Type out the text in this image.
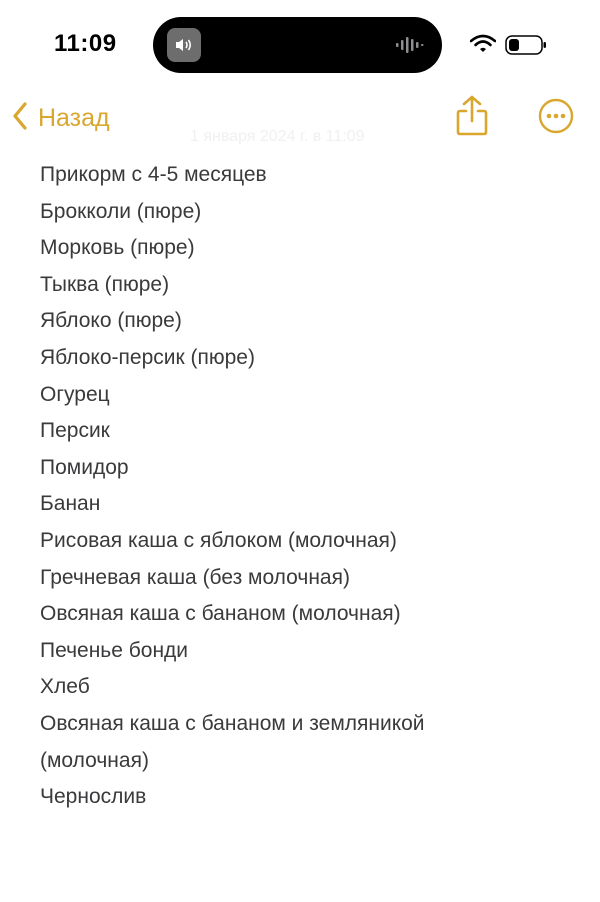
11:09
1 января 2024 г. в 11:09
Назад
Прикорм с 4-5 месяцев
Брокколи (пюре)
Морковь (пюре)
Тыква (пюре)
Яблоко (пюре)
Яблоко-персик (пюре)
Огурец
Персик
Помидор
Банан
Рисовая каша с яблоком (молочная)
Гречневая каша (без молочная)
Овсяная каша с бананом (молочная)
Печенье бонди
Хлеб
Овсяная каша с бананом и земляникой
(молочная)
Чернослив
